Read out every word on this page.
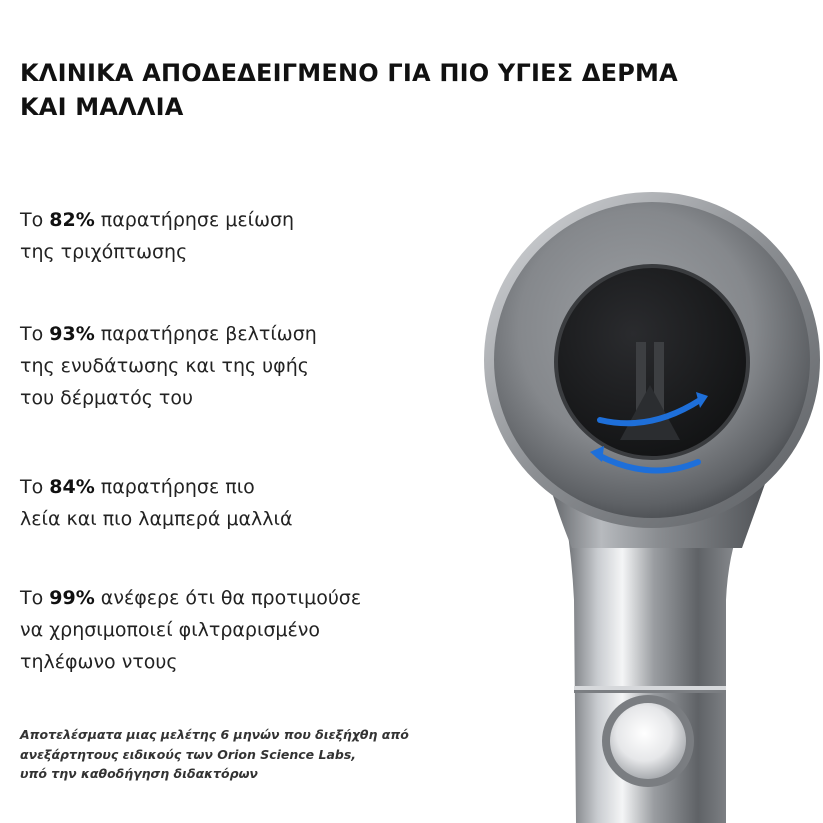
ΚΛΙΝΙΚΑ ΑΠΟΔΕΔΕΙΓΜΕΝΟ ΓΙΑ ΠΙΟ ΥΓΙΕΣ ΔΕΡΜΑ
ΚΑΙ ΜΑΛΛΙΑ

Το 82% παρατήρησε μείωση
της τριχόπτωσης

Το 93% παρατήρησε βελτίωση
της ενυδάτωσης και της υφής
του δέρματός του

Το 84% παρατήρησε πιο
λεία και πιο λαμπερά μαλλιά

Το 99% ανέφερε ότι θα προτιμούσε
να χρησιμοποιεί φιλτραρισμένο
τηλέφωνο ντους

Αποτελέσματα μιας μελέτης 6 μηνών που διεξήχθη από
ανεξάρτητους ειδικούς των Orion Science Labs,
υπό την καθοδήγηση διδακτόρων
